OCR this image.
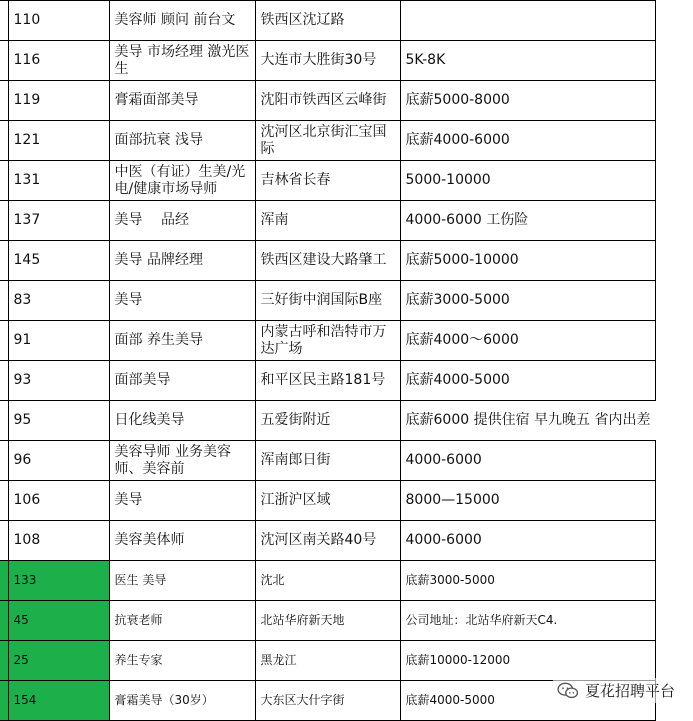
	110	美容师 顾问 前台文	铁西区沈辽路	
	116	美导 市场经理 激光医生	大连市大胜街30号	5K-8K
	119	膏霜面部美导	沈阳市铁西区云峰街	底薪5000-8000
	121	面部抗衰 浅导	沈河区北京街汇宝国际	底薪4000-6000
	131	中医（有证）生美/光电/健康市场导师	吉林省长春	5000-10000
	137	美导　 品经	浑南	4000-6000 工伤险
	145	美导 品牌经理	铁西区建设大路肇工	底薪5000-10000
	83	美导	三好街中润国际B座	底薪3000-5000
	91	面部 养生美导	内蒙古呼和浩特市万达广场	底薪4000～6000
	93	面部美导	和平区民主路181号	底薪4000-5000
	95	日化线美导	五爱街附近	底薪6000 提供住宿 早九晚五 省内出差
	96	美容导师 业务美容师、美容前	浑南郎日街	4000-6000
	106	美导	江浙沪区域	8000—15000
	108	美容美体师	沈河区南关路40号	4000-6000
	133	医生 美导	沈北	底薪3000-5000
	45	抗衰老师	北站华府新天地	公司地址：北站华府新天C4.
	25	养生专家	黑龙江	底薪10000-12000
	154	膏霜美导（30岁）	大东区大什字街	底薪4000-5000	夏花招聘平台
